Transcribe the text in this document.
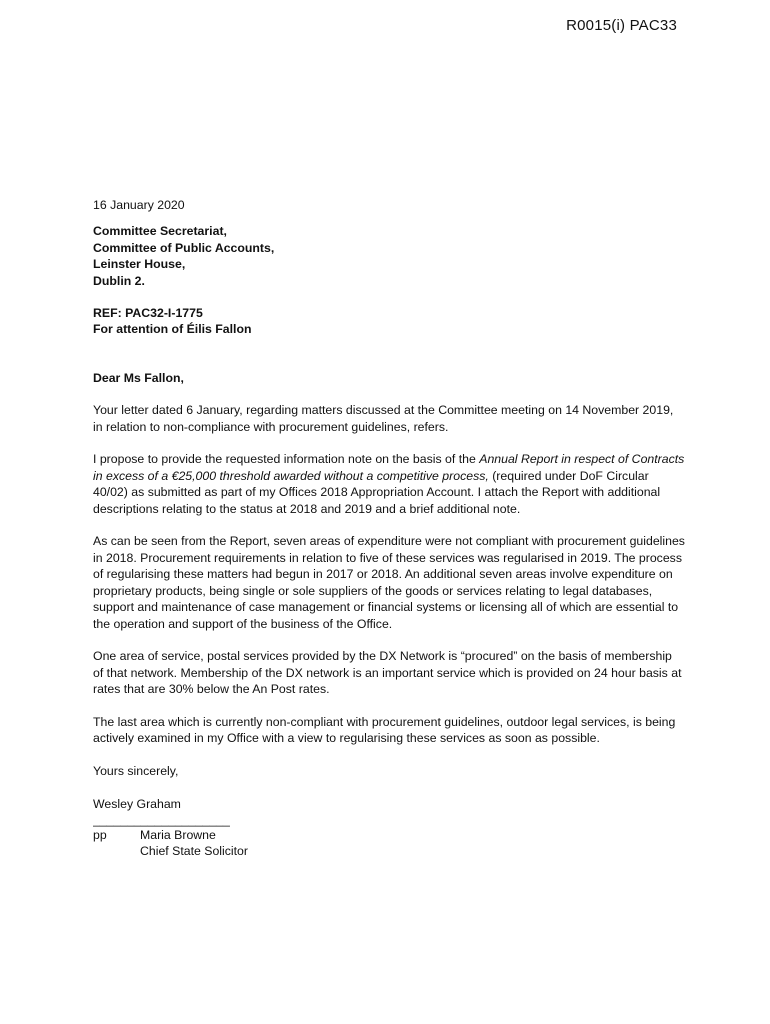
R0015(i) PAC33

16 January 2020

Committee Secretariat,

Committee of Public Accounts,

Leinster House,

Dublin 2.

REF: PAC32-I-1775

For attention of Éilis Fallon

Dear Ms Fallon,

Your letter dated 6 January, regarding matters discussed at the Committee meeting on 14 November 2019, in relation to non-compliance with procurement guidelines, refers.

I propose to provide the requested information note on the basis of the Annual Report in respect of Contracts in excess of a €25,000 threshold awarded without a competitive process, (required under DoF Circular 40/02) as submitted as part of my Offices 2018 Appropriation Account. I attach the Report with additional descriptions relating to the status at 2018 and 2019 and a brief additional note.

As can be seen from the Report, seven areas of expenditure were not compliant with procurement guidelines in 2018. Procurement requirements in relation to five of these services was regularised in 2019. The process of regularising these matters had begun in 2017 or 2018. An additional seven areas involve expenditure on proprietary products, being single or sole suppliers of the goods or services relating to legal databases, support and maintenance of case management or financial systems or licensing all of which are essential to the operation and support of the business of the Office.

One area of service, postal services provided by the DX Network is “procured” on the basis of membership of that network. Membership of the DX network is an important service which is provided on 24 hour basis at rates that are 30% below the An Post rates.

The last area which is currently non-compliant with procurement guidelines, outdoor legal services, is being actively examined in my Office with a view to regularising these services as soon as possible.

Yours sincerely,

Wesley Graham

____________________

pp	Maria Browne

Chief State Solicitor
